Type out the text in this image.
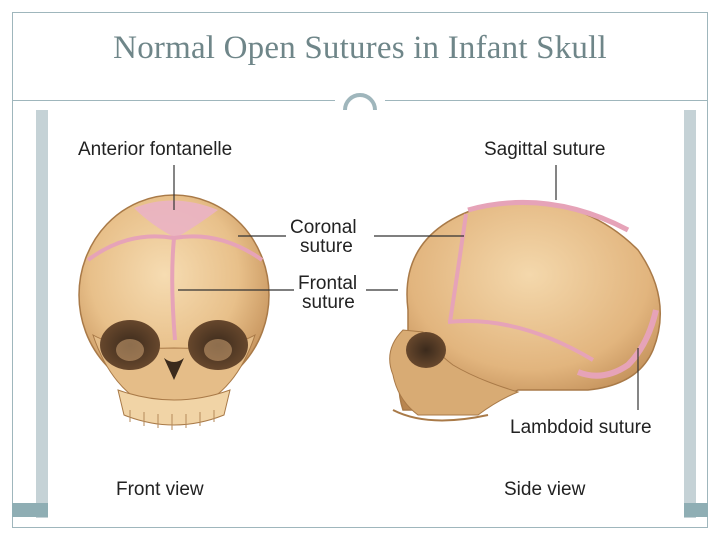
Normal Open Sutures in Infant Skull
Anterior fontanelle
Coronal
suture
Frontal
suture
Sagittal suture
Lambdoid suture
Front view	Side view
